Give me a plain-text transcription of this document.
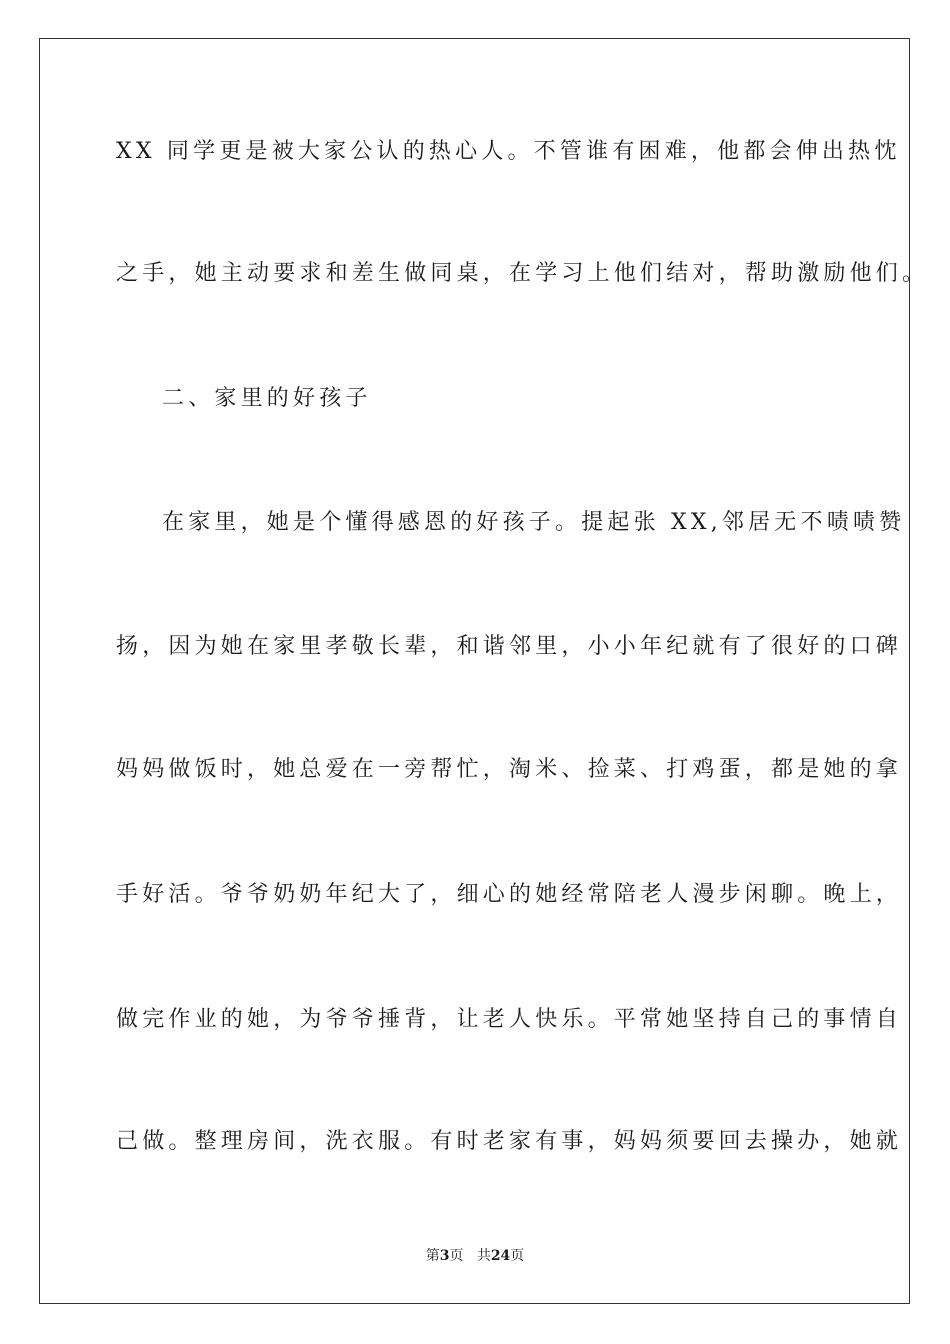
XX 同学更是被大家公认的热心人。不管谁有困难，他都会伸出热忱
之手，她主动要求和差生做同桌，在学习上他们结对，帮助激励他们。
二、家里的好孩子
在家里，她是个懂得感恩的好孩子。提起张 XX,邻居无不啧啧赞
扬，因为她在家里孝敬长辈，和谐邻里，小小年纪就有了很好的口碑
妈妈做饭时，她总爱在一旁帮忙，淘米、捡菜、打鸡蛋，都是她的拿
手好活。爷爷奶奶年纪大了，细心的她经常陪老人漫步闲聊。晚上，
做完作业的她，为爷爷捶背，让老人快乐。平常她坚持自己的事情自
己做。整理房间，洗衣服。有时老家有事，妈妈须要回去操办，她就
第3页 共24页
